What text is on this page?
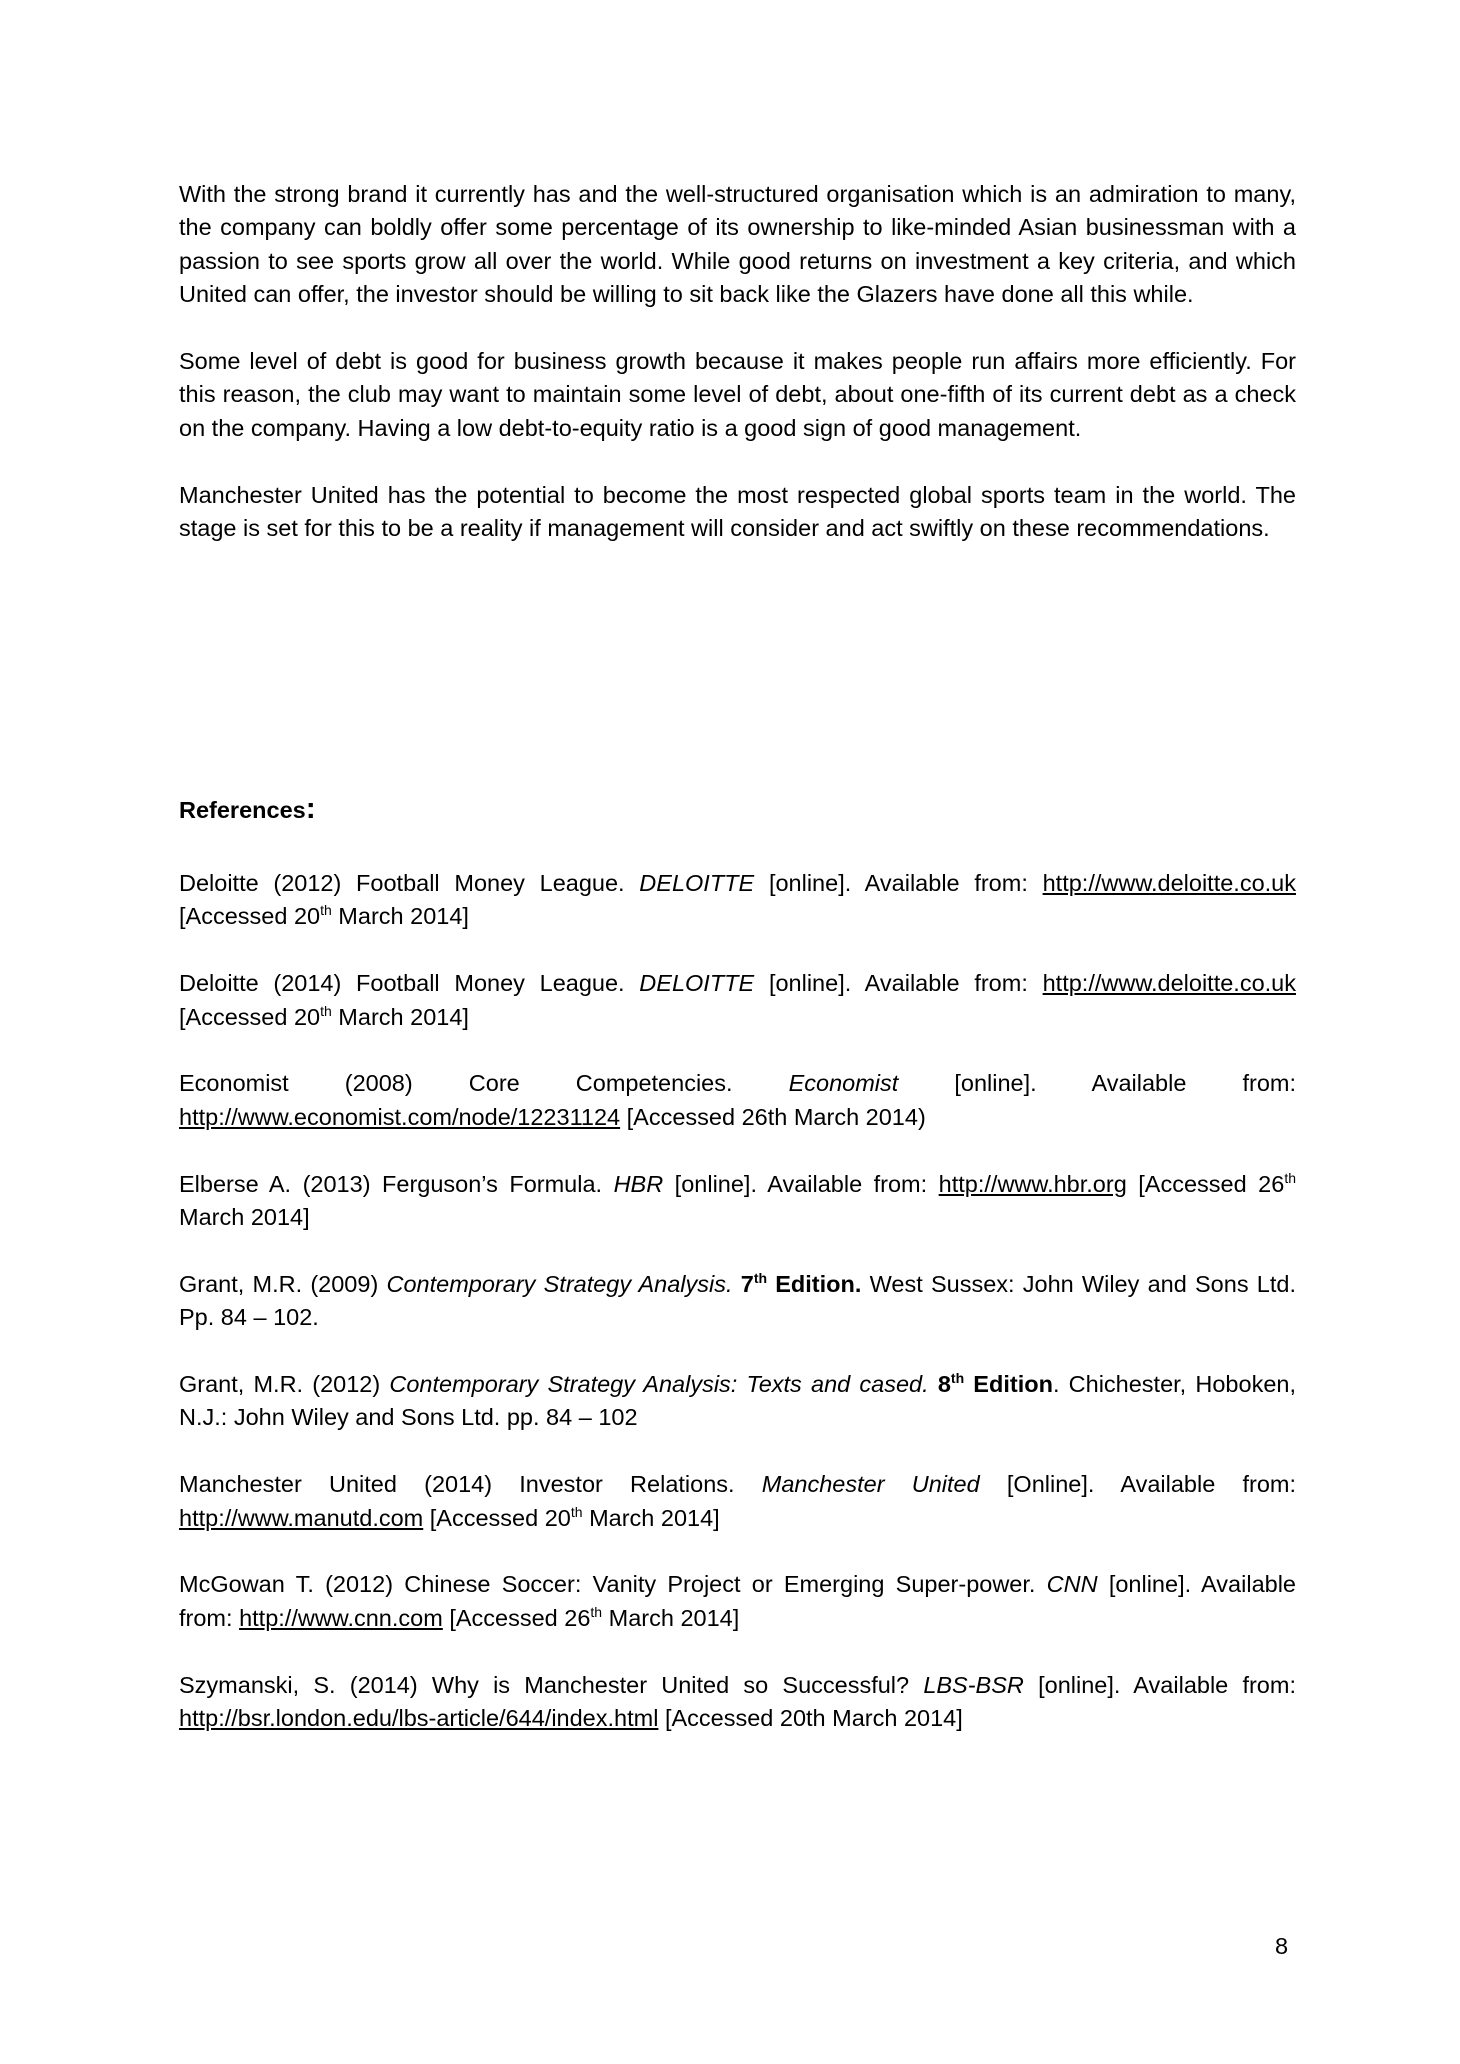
With the strong brand it currently has and the well-structured organisation which is an admiration to many, the company can boldly offer some percentage of its ownership to like-minded Asian businessman with a passion to see sports grow all over the world. While good returns on investment a key criteria, and which United can offer, the investor should be willing to sit back like the Glazers have done all this while.

Some level of debt is good for business growth because it makes people run affairs more efficiently. For this reason, the club may want to maintain some level of debt, about one-fifth of its current debt as a check on the company. Having a low debt-to-equity ratio is a good sign of good management.

Manchester United has the potential to become the most respected global sports team in the world. The stage is set for this to be a reality if management will consider and act swiftly on these recommendations.

References:

Deloitte (2012) Football Money League. DELOITTE [online]. Available from: http://www.deloitte.co.uk [Accessed 20th March 2014]

Deloitte (2014) Football Money League. DELOITTE [online]. Available from: http://www.deloitte.co.uk [Accessed 20th March 2014]

Economist (2008) Core Competencies. Economist [online]. Available from: http://www.economist.com/node/12231124 [Accessed 26th March 2014)

Elberse A. (2013) Ferguson’s Formula. HBR [online]. Available from: http://www.hbr.org [Accessed 26th March 2014]

Grant, M.R. (2009) Contemporary Strategy Analysis. 7th Edition. West Sussex: John Wiley and Sons Ltd. Pp. 84 – 102.

Grant, M.R. (2012) Contemporary Strategy Analysis: Texts and cased. 8th Edition. Chichester, Hoboken, N.J.: John Wiley and Sons Ltd. pp. 84 – 102

Manchester United (2014) Investor Relations. Manchester United [Online]. Available from: http://www.manutd.com [Accessed 20th March 2014]

McGowan T. (2012) Chinese Soccer: Vanity Project or Emerging Super-power. CNN [online]. Available from: http://www.cnn.com [Accessed 26th March 2014]

Szymanski, S. (2014) Why is Manchester United so Successful? LBS-BSR [online]. Available from: http://bsr.london.edu/lbs-article/644/index.html [Accessed 20th March 2014]

8
